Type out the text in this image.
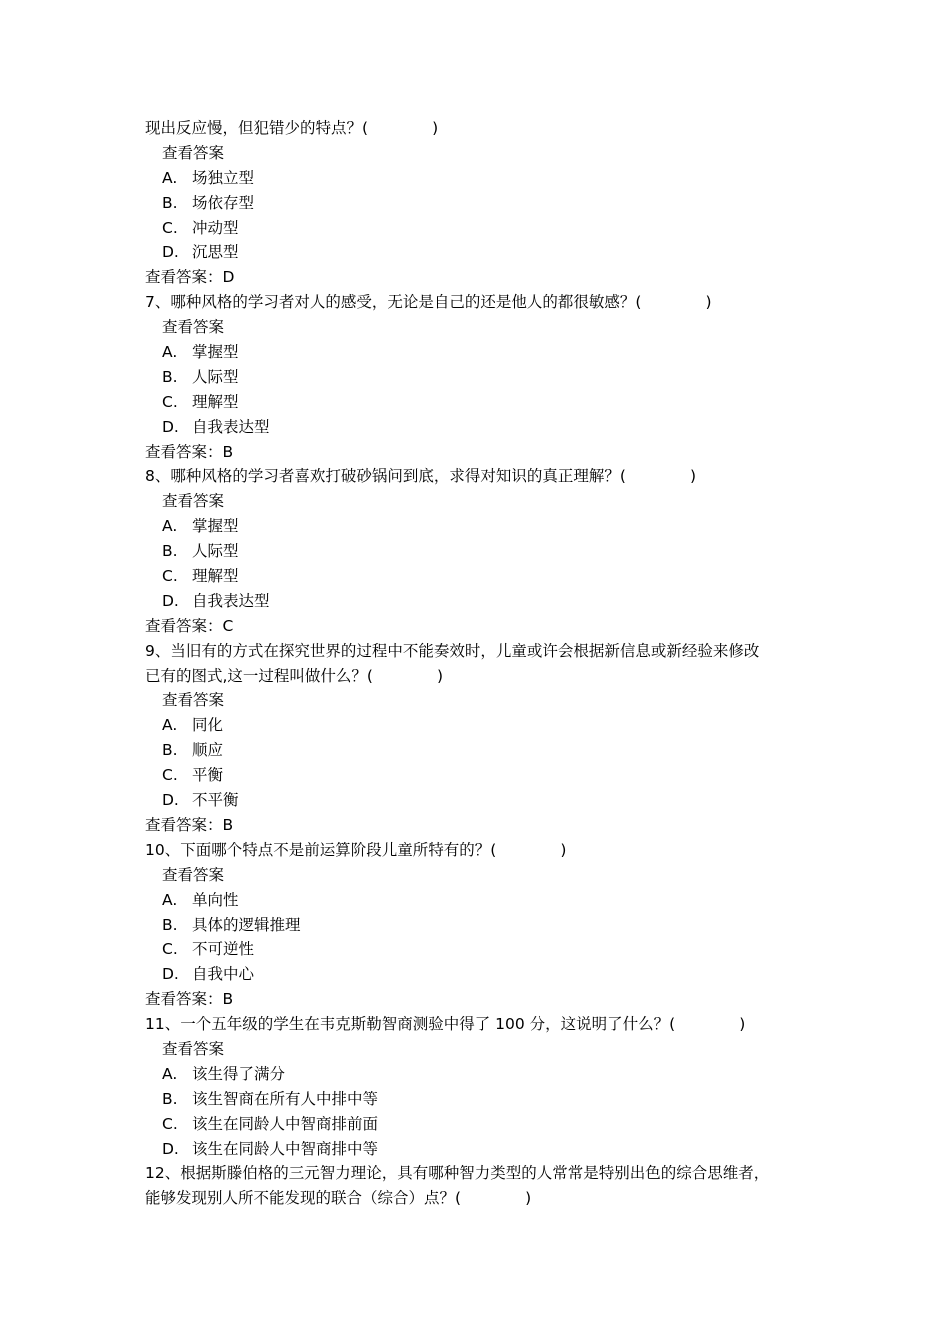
现出反应慢，但犯错少的特点？(             )
查看答案
A. 场独立型
B. 场依存型
C. 冲动型
D. 沉思型
查看答案：D
7、哪种风格的学习者对人的感受，无论是自己的还是他人的都很敏感？(             )
查看答案
A. 掌握型
B. 人际型
C. 理解型
D. 自我表达型
查看答案：B
8、哪种风格的学习者喜欢打破砂锅问到底，求得对知识的真正理解？(             )
查看答案
A. 掌握型
B. 人际型
C. 理解型
D. 自我表达型
查看答案：C
9、当旧有的方式在探究世界的过程中不能奏效时，儿童或许会根据新信息或新经验来修改
已有的图式,这一过程叫做什么？(             )
查看答案
A. 同化
B. 顺应
C. 平衡
D. 不平衡
查看答案：B
10、下面哪个特点不是前运算阶段儿童所特有的？(             )
查看答案
A. 单向性
B. 具体的逻辑推理
C. 不可逆性
D. 自我中心
查看答案：B
11、一个五年级的学生在韦克斯勒智商测验中得了 100 分，这说明了什么？(             )
查看答案
A. 该生得了满分
B. 该生智商在所有人中排中等
C. 该生在同龄人中智商排前面
D. 该生在同龄人中智商排中等
12、根据斯滕伯格的三元智力理论，具有哪种智力类型的人常常是特别出色的综合思维者，
能够发现别人所不能发现的联合（综合）点？(             )
